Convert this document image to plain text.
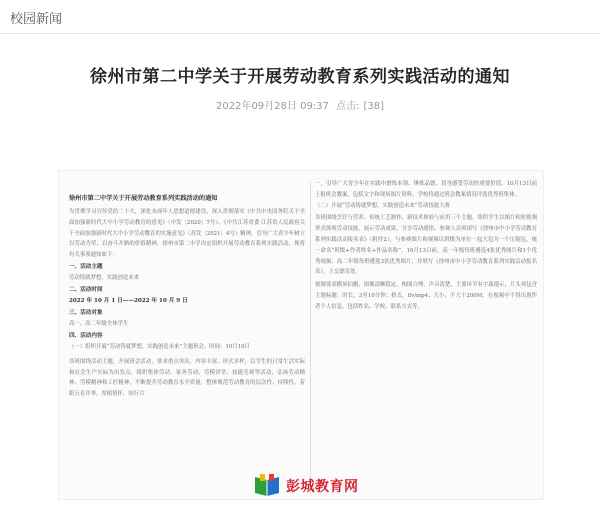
校园新闻
徐州市第二中学关于开展劳动教育系列实践活动的通知
2022年09月28日 09:37 点击: [38]
徐州市第二中学关于开展劳动教育系列实践活动的通知

为贯彻学习宣传党的二十大，深化未成年人思想道德建设，深入贯彻落实《中共中央国务院关于全面加强新时代大中小学劳动教育的意见》（中发〔2020〕7号）、《中共江苏省委 江苏省人民政府关于全面加强新时代大中小学劳动教育的实施意见》（苏发〔2021〕4号）精神，引导广大青少年树立以劳动为荣、以奋斗开路的价值精神，徐州市第二中学决定组织开展劳动教育系列实践活动，现将有关事项通知如下：

一、活动主题
劳动铸就梦想，实践创造未来
二、活动时间
2022 年 10 月 1 日——2022 年 10 月 9 日
三、活动对象
高一、高二年级全体学生
四、活动内容

（一）组织开展“劳动铸就梦想，实践创造未来”主题班会。时间：10月10日

各班围绕活动主题，开展班会活动，要求重点突出，内容丰富、形式多样，以学生的日常生活实际和社会生产实际为出发点，组织集体劳动、家务劳动、劳模讲堂、技能竞赛等活动，弘扬劳动精神、劳模精神和工匠精神，不断提升劳动教育水平质量，整体规范劳动教育的层次性、持续性，着眼五育并举，厚植情怀，知行合

一，引导广大青少年在实践中磨炼本领、锤炼品德，切身感受劳动的重要价值。10月13日前上报班会教案，包括文字和现场图片资料，学校将通过班会教案情况评选优秀班集体。

（二）开展“劳动铸就梦想，实践创造未来”劳动技能大赛

各班围绕烹饪与营养、传统工艺制作、新技术体验与应用三个主题，组织学生以图片和短视频形式体现劳动技能，展示劳动成果，分享劳动感悟。参赛人员须填写《徐州市中小学劳动教育系列实践活动报名表》（附件2），与参赛图片和视频以班级为单位一起大包为一个压缩包，统一命名“班级+作者姓名+作品名称”，10月13日前。高一年级每班遴选4张优秀图片和1个优秀视频，高二年级每班遴选3张优秀图片，并填写《徐州市中小学劳动教育系列实践活动报名表》，上交德育处。

视频要求横屏拍摄，图像清晰稳定，构图合理，声音清楚，主要环节有字幕提示，片头须包含主题标题：时长，3至10分钟；格式，flv/mp4；大小，不大于200M。在视频中不得出现作者个人信息，包括姓名、学校、联系方式等。

彭城教育网
